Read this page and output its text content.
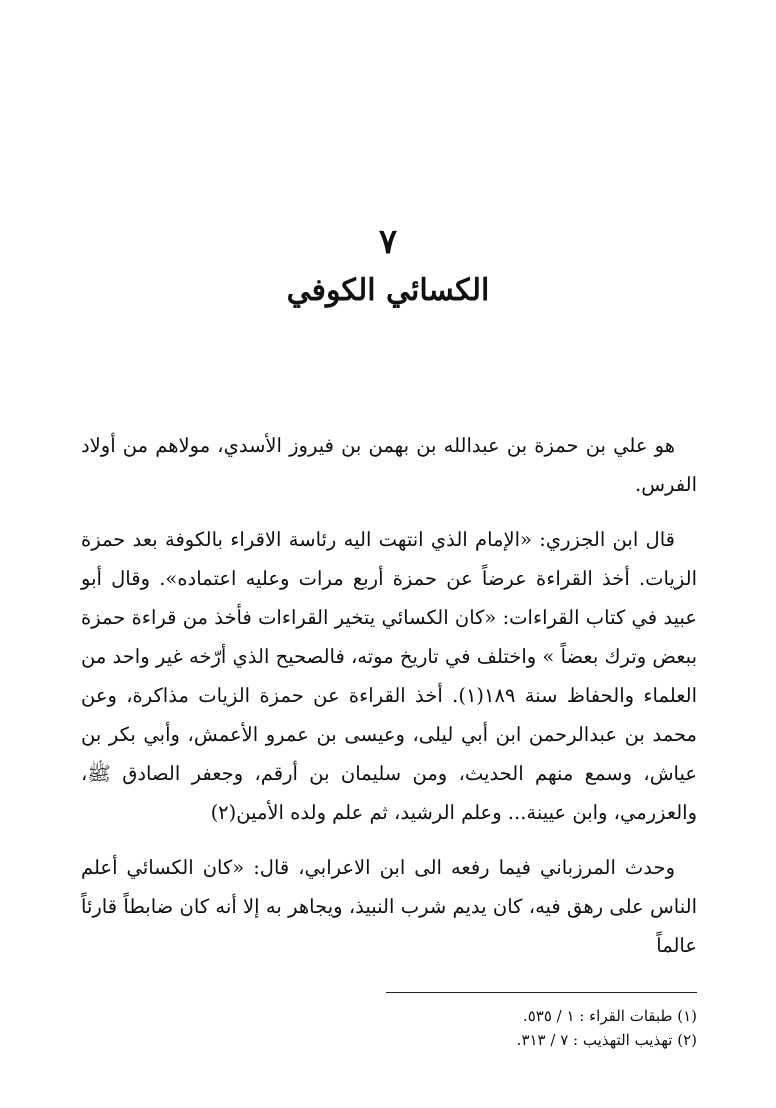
٧
الكسائي الكوفي

هو علي بن حمزة بن عبدالله بن بهمن بن فيروز الأسدي، مولاهم من أولاد الفرس.

قال ابن الجزري: «الإمام الذي انتهت اليه رئاسة الاقراء بالكوفة بعد حمزة الزيات. أخذ القراءة عرضاً عن حمزة أربع مرات وعليه اعتماده». وقال أبو عبيد في كتاب القراءات: «كان الكسائي يتخير القراءات فأخذ من قراءة حمزة ببعض وترك بعضاً » واختلف في تاريخ موته، فالصحيح الذي أرّخه غير واحد من العلماء والحفاظ سنة ١٨٩(١). أخذ القراءة عن حمزة الزيات مذاكرة، وعن محمد بن عبدالرحمن ابن أبي ليلى، وعيسى بن عمرو الأعمش، وأبي بكر بن عياش، وسمع منهم الحديث، ومن سليمان بن أرقم، وجعفر الصادق ﷺ، والعزرمي، وابن عيينة... وعلم الرشيد، ثم علم ولده الأمين(٢)

وحدث المرزباني فيما رفعه الى ابن الاعرابي، قال: «كان الكسائي أعلم الناس على رهق فيه، كان يديم شرب النبيذ، ويجاهر به إلا أنه كان ضابطاً قارئاً عالماً

(١) طبقات القراء : ١ / ٥٣٥.
(٢) تهذيب التهذيب : ٧ / ٣١٣.
